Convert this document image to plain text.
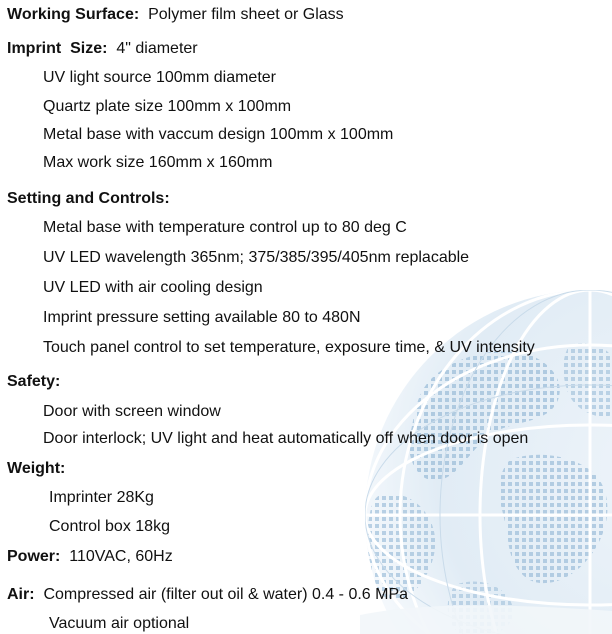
Working Surface: Polymer film sheet or Glass
Imprint  Size: 4" diameter
UV light source 100mm diameter
Quartz plate size 100mm x 100mm
Metal base with vaccum design 100mm x 100mm
Max work size 160mm x 160mm
Setting and Controls:
Metal base with temperature control up to 80 deg C
UV LED wavelength 365nm; 375/385/395/405nm replacable
UV LED with air cooling design
Imprint pressure setting available 80 to 480N
Touch panel control to set temperature, exposure time, & UV intensity
Safety:
Door with screen window
Door interlock; UV light and heat automatically off when door is open
Weight:
Imprinter 28Kg
Control box 18kg
Power: 110VAC, 60Hz
Air: Compressed air (filter out oil & water) 0.4 - 0.6 MPa
Vacuum air optional
